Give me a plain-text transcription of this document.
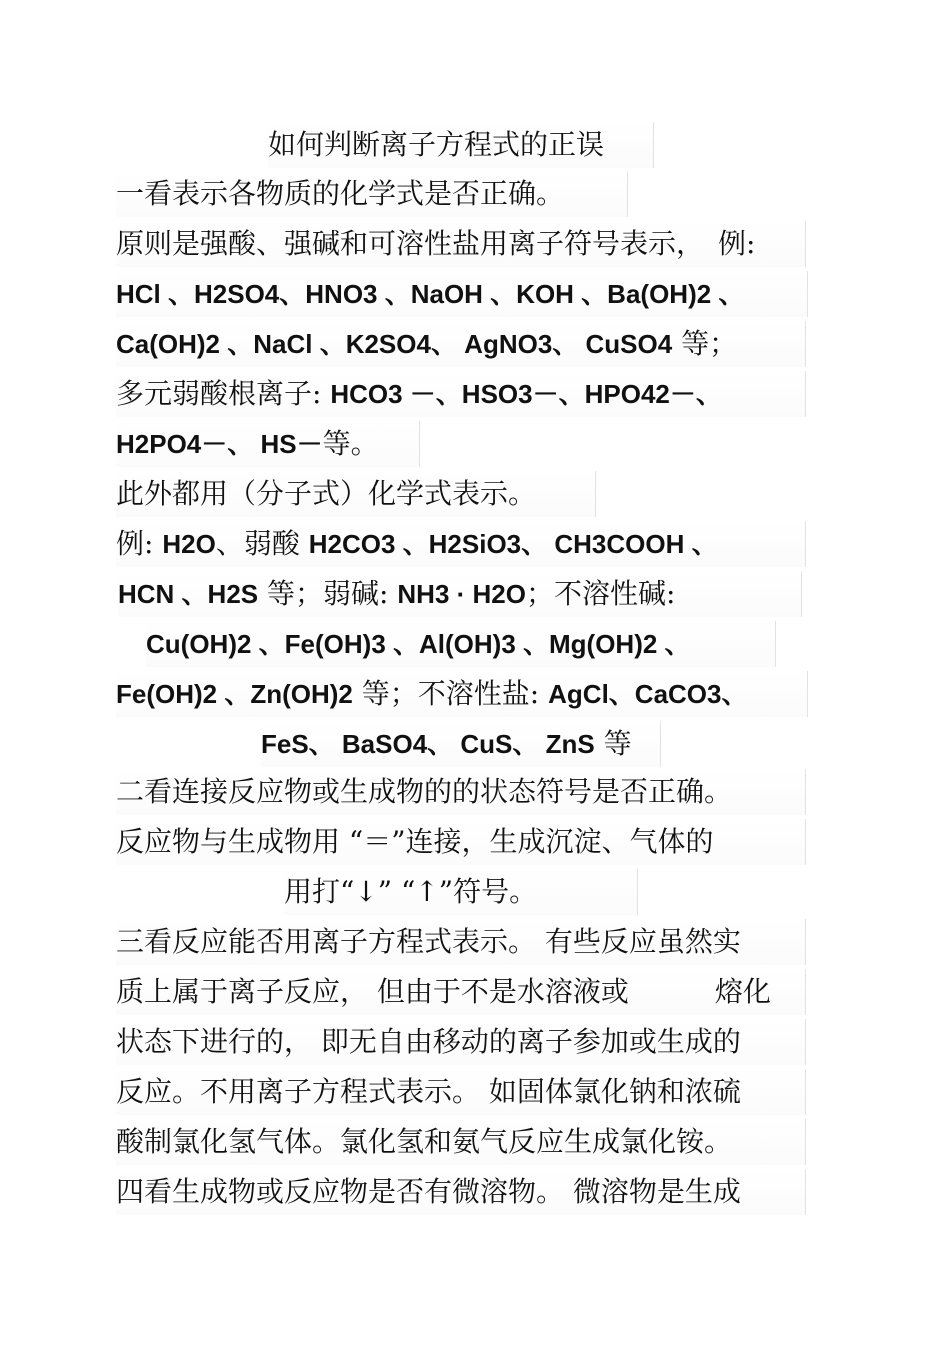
如何判断离子方程式的正误
一看表示各物质的化学式是否正确。
原则是强酸、强碱和可溶性盐用离子符号表示，　例:
HCl 、H2SO4、HNO3 、NaOH 、KOH 、Ba(OH)2 、
Ca(OH)2 、NaCl 、K2SO4、 AgNO3、 CuSO4 等；
多元弱酸根离子: HCO3 －、HSO3－、HPO42－、
H2PO4－、 HS－等。
此外都用（分子式）化学式表示。
例: H2O、弱酸 H2CO3 、H2SiO3、 CH3COOH 、
HCN 、H2S 等；弱碱: NH3 · H2O；不溶性碱:
Cu(OH)2 、Fe(OH)3 、Al(OH)3 、Mg(OH)2 、
Fe(OH)2 、Zn(OH)2 等；不溶性盐: AgCl、CaCO3、
FeS、 BaSO4、 CuS、 ZnS 等
二看连接反应物或生成物的的状态符号是否正确。
反应物与生成物用 “＝”连接，生成沉淀、气体的
用打“↓” “↑”符号。
三看反应能否用离子方程式表示。 有些反应虽然实
质上属于离子反应， 但由于不是水溶液或	熔化
状态下进行的， 即无自由移动的离子参加或生成的
反应。不用离子方程式表示。 如固体氯化钠和浓硫
酸制氯化氢气体。氯化氢和氨气反应生成氯化铵。
四看生成物或反应物是否有微溶物。 微溶物是生成
